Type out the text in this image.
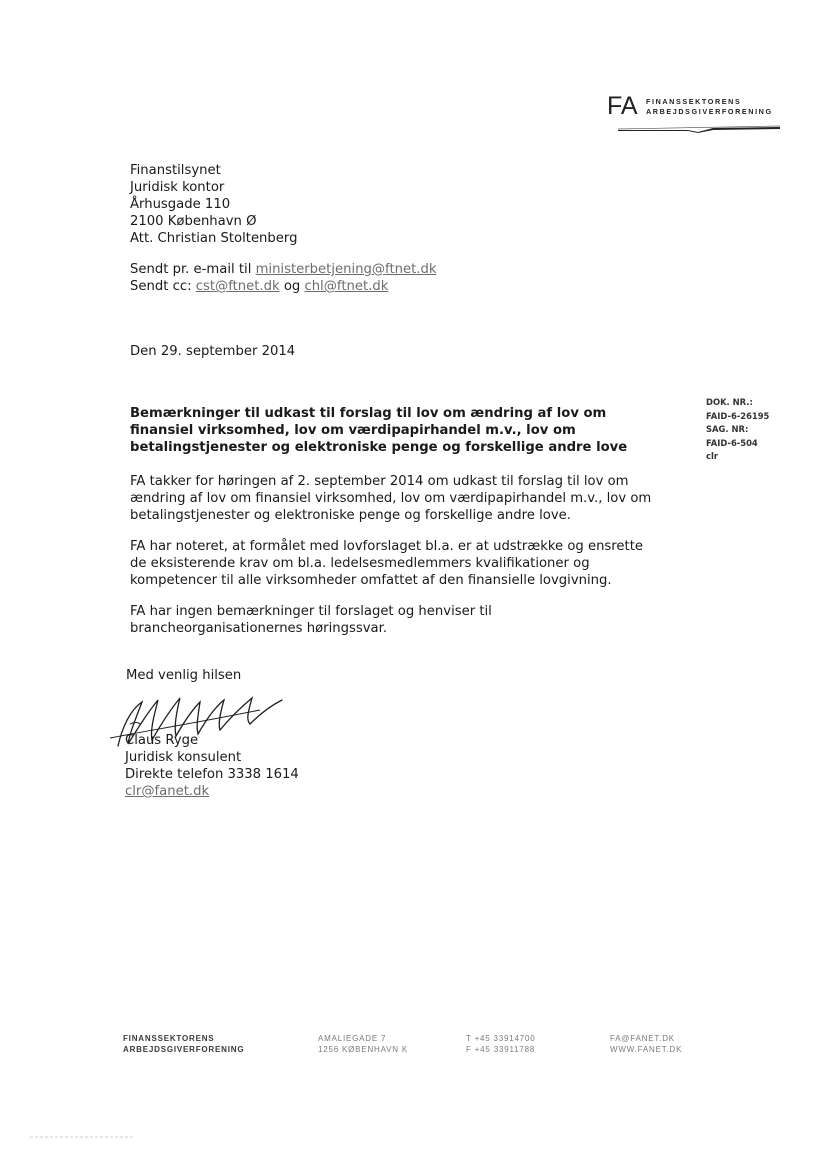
FA FINANSSEKTORENS
ARBEJDSGIVERFORENING
Finanstilsynet
Juridisk kontor
Århusgade 110
2100 København Ø
Att. Christian Stoltenberg
Sendt pr. e-mail til ministerbetjening@ftnet.dk
Sendt cc: cst@ftnet.dk og chl@ftnet.dk
Den 29. september 2014
DOK. NR.:
FAID-6-26195
SAG. NR:
FAID-6-504
clr
Bemærkninger til udkast til forslag til lov om ændring af lov om finansiel virksomhed, lov om værdipapirhandel m.v., lov om betalingstjenester og elektroniske penge og forskellige andre love
FA takker for høringen af 2. september 2014 om udkast til forslag til lov om ændring af lov om finansiel virksomhed, lov om værdipapirhandel m.v., lov om betalingstjenester og elektroniske penge og forskellige andre love.
FA har noteret, at formålet med lovforslaget bl.a. er at udstrække og ensrette de eksisterende krav om bl.a. ledelsesmedlemmers kvalifikationer og kompetencer til alle virksomheder omfattet af den finansielle lovgivning.
FA har ingen bemærkninger til forslaget og henviser til brancheorganisationernes høringssvar.
Med venlig hilsen
Claus Ryge
Juridisk konsulent
Direkte telefon 3338 1614
clr@fanet.dk
FINANSSEKTORENS
ARBEJDSGIVERFORENING
AMALIEGADE 7
1256 KØBENHAVN K
T +45 33914700
F +45 33911788
FA@FANET.DK
WWW.FANET.DK
